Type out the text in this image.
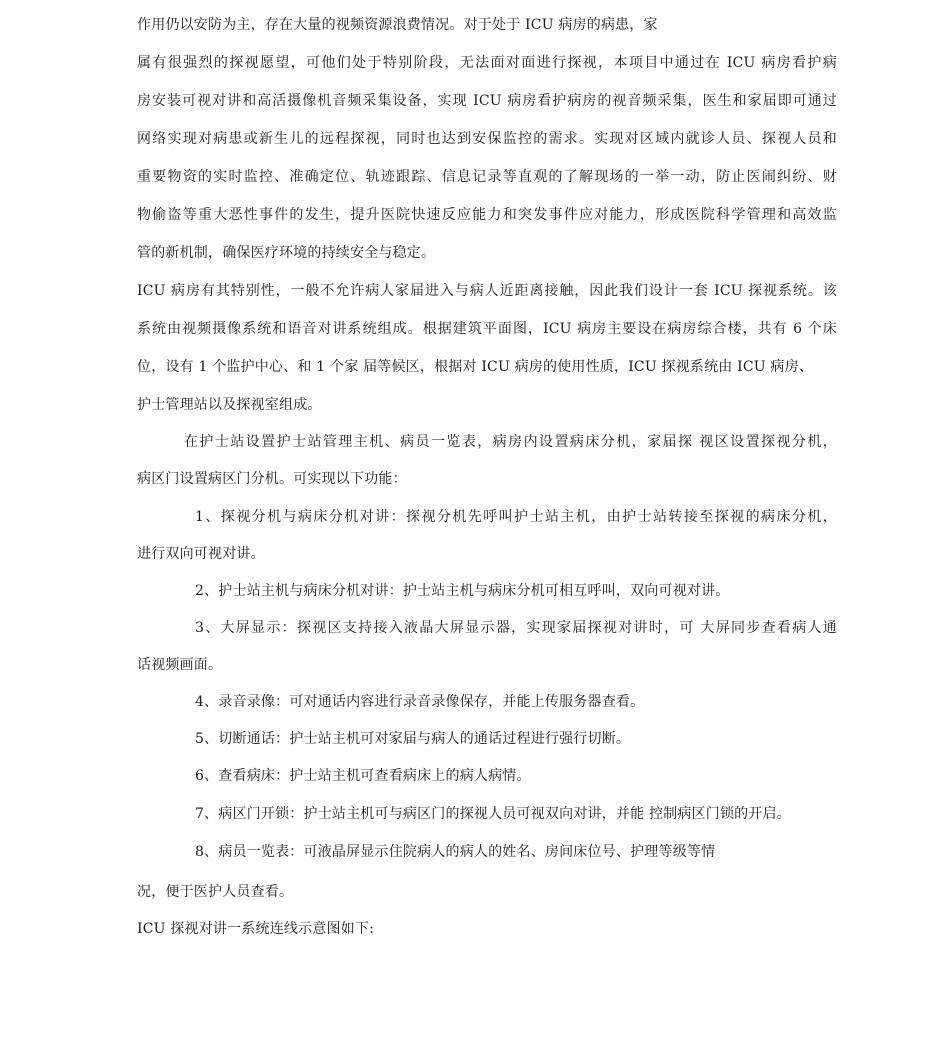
作用仍以安防为主，存在大量的视频资源浪费情况。对于处于 ICU 病房的病患，家
属有很强烈的探视愿望，可他们处于特别阶段，无法面对面进行探视，本项目中通过在 ICU 病房看护病
房安装可视对讲和高活摄像机音频采集设备，实现 ICU 病房看护病房的视音频采集，医生和家届即可通过
网络实现对病患或新生儿的远程探视，同时也达到安保监控的需求。实现对区域内就诊人员、探视人员和
重要物资的实时监控、准确定位、轨迹跟踪、信息记录等直观的了解现场的一举一动，防止医闹纠纷、财
物偷盗等重大恶性事件的发生，提升医院快速反应能力和突发事件应对能力，形成医院科学管理和高效监
管的新机制，确保医疗环境的持续安全与稳定。
ICU 病房有其特别性，一般不允许病人家届进入与病人近距离接触，因此我们设计一套 ICU 探视系统。该
系统由视频摄像系统和语音对讲系统组成。根据建筑平面图，ICU 病房主要设在病房综合楼，共有 6 个床
位，设有 1 个监护中心、和 1 个家 届等候区，根据对 ICU 病房的使用性质，ICU 探视系统由 ICU 病房、
护士管理站以及探视室组成。
在护士站设置护士站管理主机、病员一览表，病房内设置病床分机，家届探 视区设置探视分机，
病区门设置病区门分机。可实现以下功能：
1、探视分机与病床分机对讲：探视分机先呼叫护士站主机，由护士站转接至探视的病床分机，
进行双向可视对讲。
2、护士站主机与病床分机对讲：护士站主机与病床分机可相互呼叫，双向可视对讲。
3、大屏显示：探视区支持接入液晶大屏显示器，实现家届探视对讲时，可 大屏同步查看病人通
话视频画面。
4、录音录像：可对通话内容进行录音录像保存，并能上传服务器查看。
5、切断通话：护士站主机可对家届与病人的通话过程进行强行切断。
6、查看病床：护士站主机可查看病床上的病人病情。
7、病区门开锁：护士站主机可与病区门的探视人员可视双向对讲，并能 控制病区门锁的开启。
8、病员一览表：可液晶屏显示住院病人的病人的姓名、房间床位号、护理等级等情
况，便于医护人员查看。
ICU 探视对讲一系统连线示意图如下:
